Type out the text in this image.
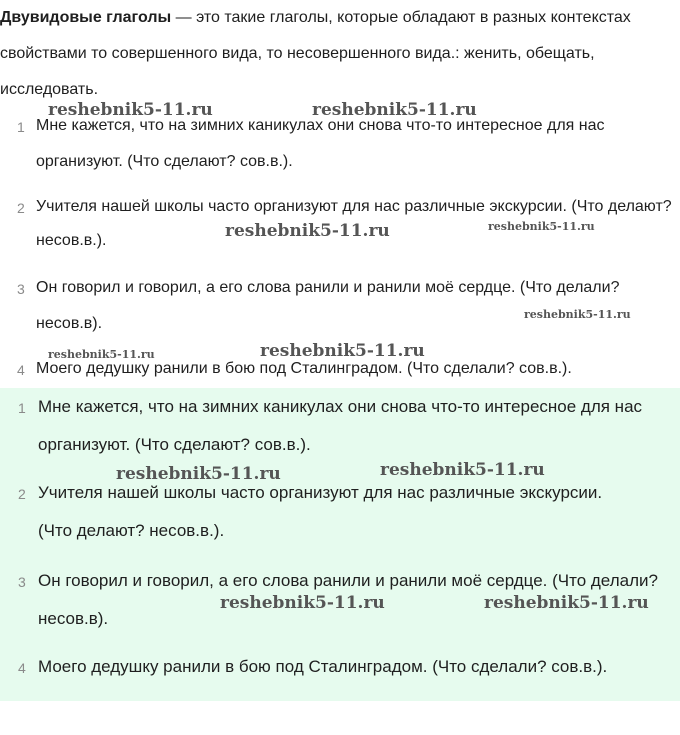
Двувидовые глаголы — это такие глаголы, которые обладают в разных контекстах свойствами то совершенного вида, то несовершенного вида.: женить, обещать, исследовать.

1 Мне кажется, что на зимних каникулах они снова что-то интересное для нас организуют. (Что сделают? сов.в.).
2 Учителя нашей школы часто организуют для нас различные экскурсии. (Что делают? несов.в.).
3 Он говорил и говорил, а его слова ранили и ранили моё сердце. (Что делали? несов.в).
4 Моего дедушку ранили в бою под Сталинградом. (Что сделали? сов.в.).
1 Мне кажется, что на зимних каникулах они снова что-то интересное для нас организуют. (Что сделают? сов.в.).
2 Учителя нашей школы часто организуют для нас различные экскурсии. (Что делают? несов.в.).
3 Он говорил и говорил, а его слова ранили и ранили моё сердце. (Что делали? несов.в).
4 Моего дедушку ранили в бою под Сталинградом. (Что сделали? сов.в.).
reshebnik5-11.ru	reshebnik5-11.ru
reshebnik5-11.ru	reshebnik5-11.ru
reshebnik5-11.ru
reshebnik5-11.ru	reshebnik5-11.ru
reshebnik5-11.ru	reshebnik5-11.ru
reshebnik5-11.ru	reshebnik5-11.ru
